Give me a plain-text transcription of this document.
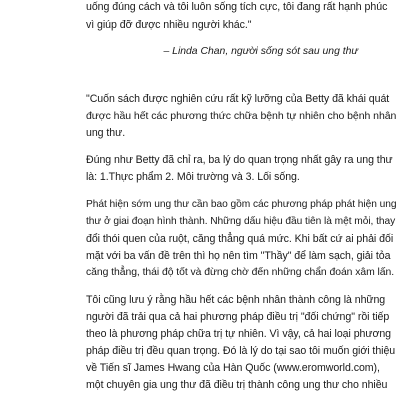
uống đúng cách và tôi luôn sống tích cực, tôi đang rất hạnh phúc
vì giúp đỡ được nhiều người khác."
– Linda Chan, người sống sót sau ung thư
"Cuốn sách được nghiên cứu rất kỹ lưỡng của Betty đã khái quát
được hầu hết các phương thức chữa bệnh tự nhiên cho bệnh nhân
ung thư.
Đúng như Betty đã chỉ ra, ba lý do quan trọng nhất gây ra ung thư
là: 1.Thực phẩm 2. Môi trường và 3. Lối sống.
Phát hiện sớm ung thư cần bao gồm các phương pháp phát hiện ung
thư ở giai đoạn hình thành. Những dấu hiệu đầu tiên là mệt mỏi, thay
đổi thói quen của ruột, căng thẳng quá mức. Khi bất cứ ai phải đối
mặt với ba vấn đề trên thì họ nên tìm "Thầy" để làm sạch, giải tỏa
căng thẳng, thái độ tốt và đừng chờ đến những chẩn đoán xâm lấn.
Tôi cũng lưu ý rằng hầu hết các bệnh nhân thành công là những
người đã trải qua cả hai phương pháp điều trị "đối chứng" rồi tiếp
theo là phương pháp chữa trị tự nhiên. Vì vậy, cả hai loại phương
pháp điều trị đều quan trọng. Đó là lý do tại sao tôi muốn giới thiệu
về Tiến sĩ James Hwang của Hàn Quốc (www.eromworld.com),
một chuyên gia ung thư đã điều trị thành công ung thư cho nhiều
